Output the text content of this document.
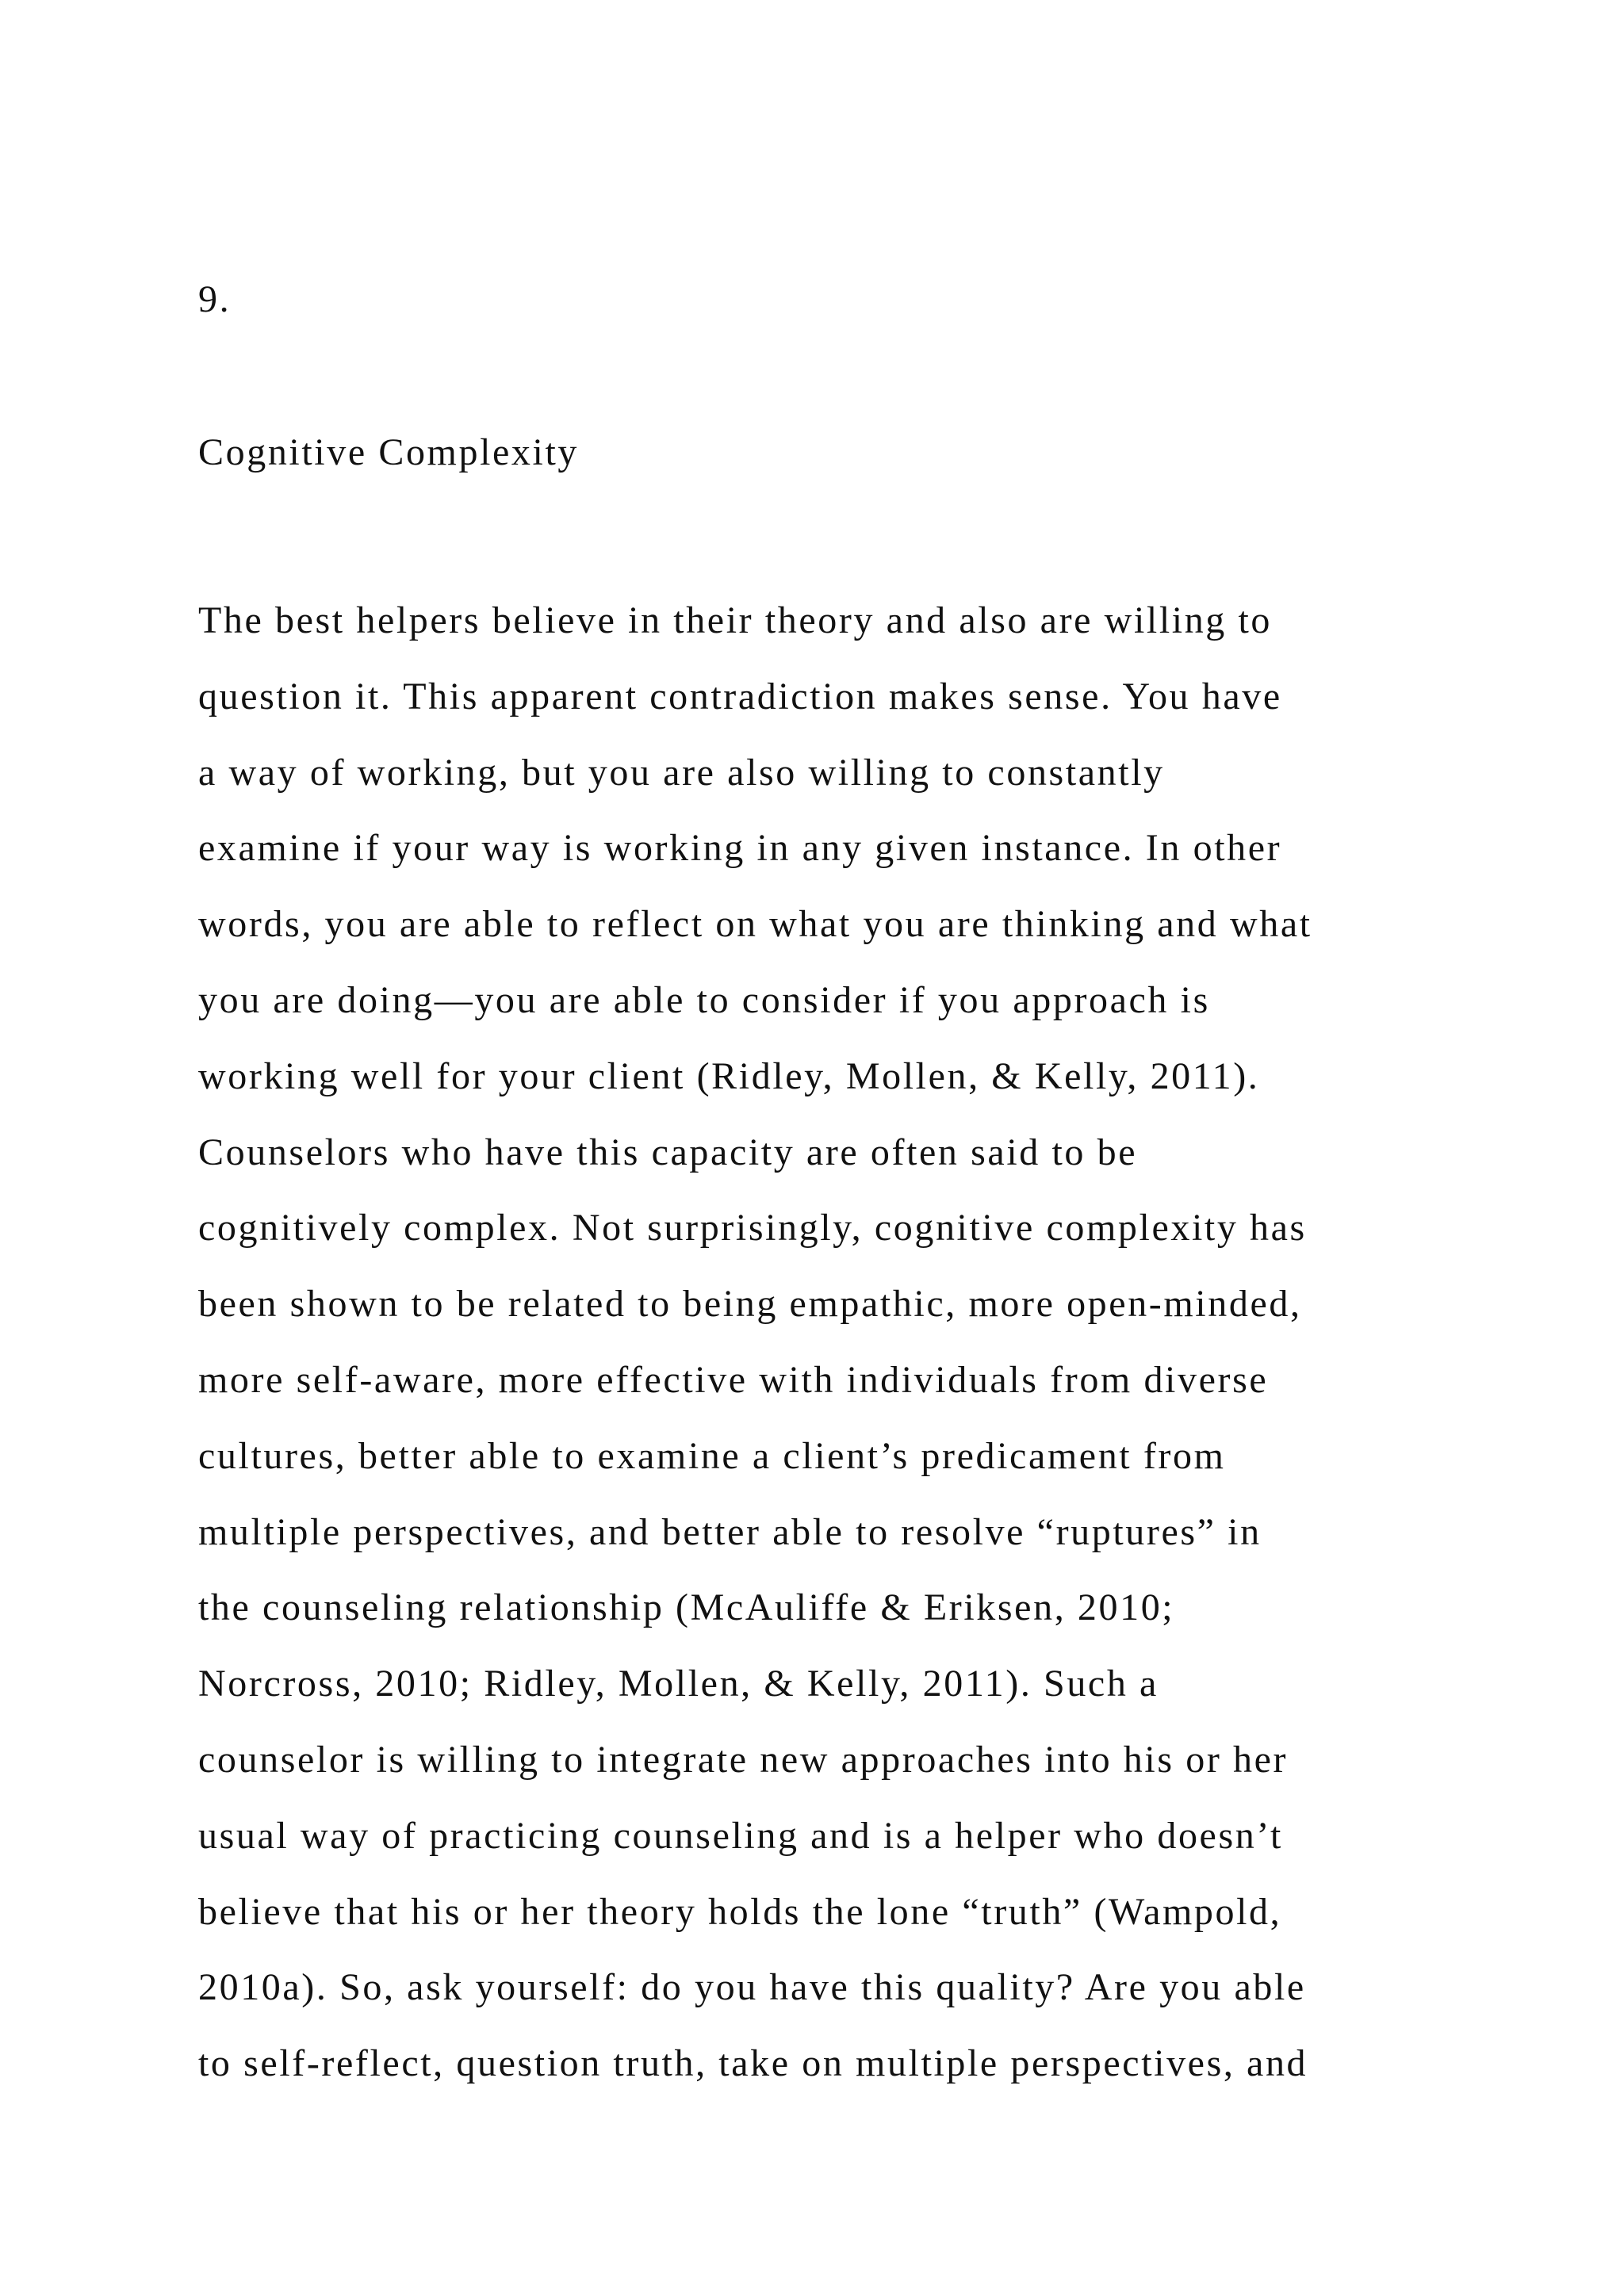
9.

Cognitive Complexity

The best helpers believe in their theory and also are willing to
question it. This apparent contradiction makes sense. You have
a way of working, but you are also willing to constantly
examine if your way is working in any given instance. In other
words, you are able to reflect on what you are thinking and what
you are doing—you are able to consider if you approach is
working well for your client (Ridley, Mollen, & Kelly, 2011).
Counselors who have this capacity are often said to be
cognitively complex. Not surprisingly, cognitive complexity has
been shown to be related to being empathic, more open-minded,
more self-aware, more effective with individuals from diverse
cultures, better able to examine a client’s predicament from
multiple perspectives, and better able to resolve “ruptures” in
the counseling relationship (McAuliffe & Eriksen, 2010;
Norcross, 2010; Ridley, Mollen, & Kelly, 2011). Such a
counselor is willing to integrate new approaches into his or her
usual way of practicing counseling and is a helper who doesn’t
believe that his or her theory holds the lone “truth” (Wampold,
2010a). So, ask yourself: do you have this quality? Are you able
to self-reflect, question truth, take on multiple perspectives, and
